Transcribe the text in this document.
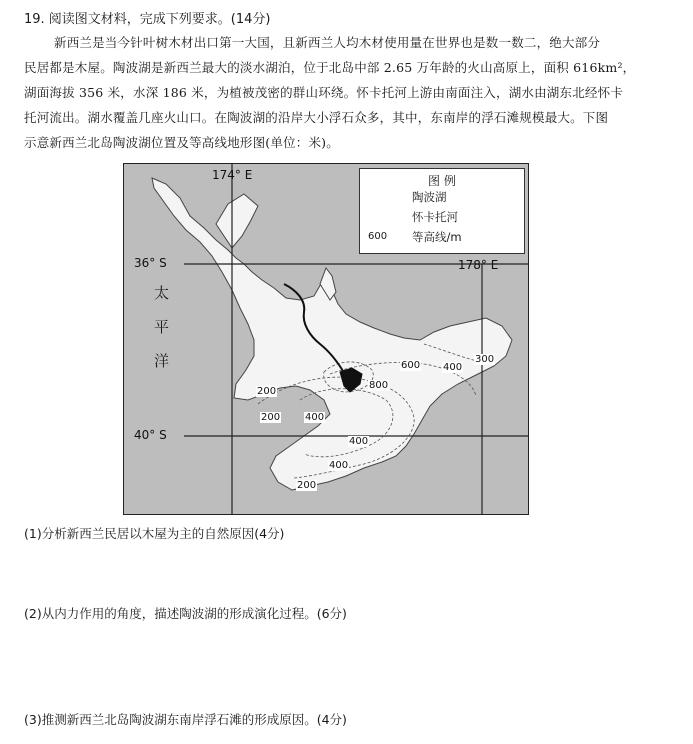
19. 阅读图文材料，完成下列要求。(14分)
新西兰是当今针叶树木材出口第一大国，且新西兰人均木材使用量在世界也是数一数二，绝大部分
民居都是木屋。陶波湖是新西兰最大的淡水湖泊，位于北岛中部 2.65 万年龄的火山高原上，面积 616km²，
湖面海拔 356 米，水深 186 米，为植被茂密的群山环绕。怀卡托河上游由南面注入，湖水由湖东北经怀卡
托河流出。湖水覆盖几座火山口。在陶波湖的沿岸大小浮石众多，其中，东南岸的浮石滩规模最大。下图
示意新西兰北岛陶波湖位置及等高线地形图(单位：米)。
图 例
陶波湖
怀卡托河
600 等高线/m
174° E
178° E
36° S
40° S
太
平
洋
800
600 400
300
200
200 400
400
400
200
(1)分析新西兰民居以木屋为主的自然原因(4分)
(2)从内力作用的角度，描述陶波湖的形成演化过程。(6分)
(3)推测新西兰北岛陶波湖东南岸浮石滩的形成原因。(4分)
